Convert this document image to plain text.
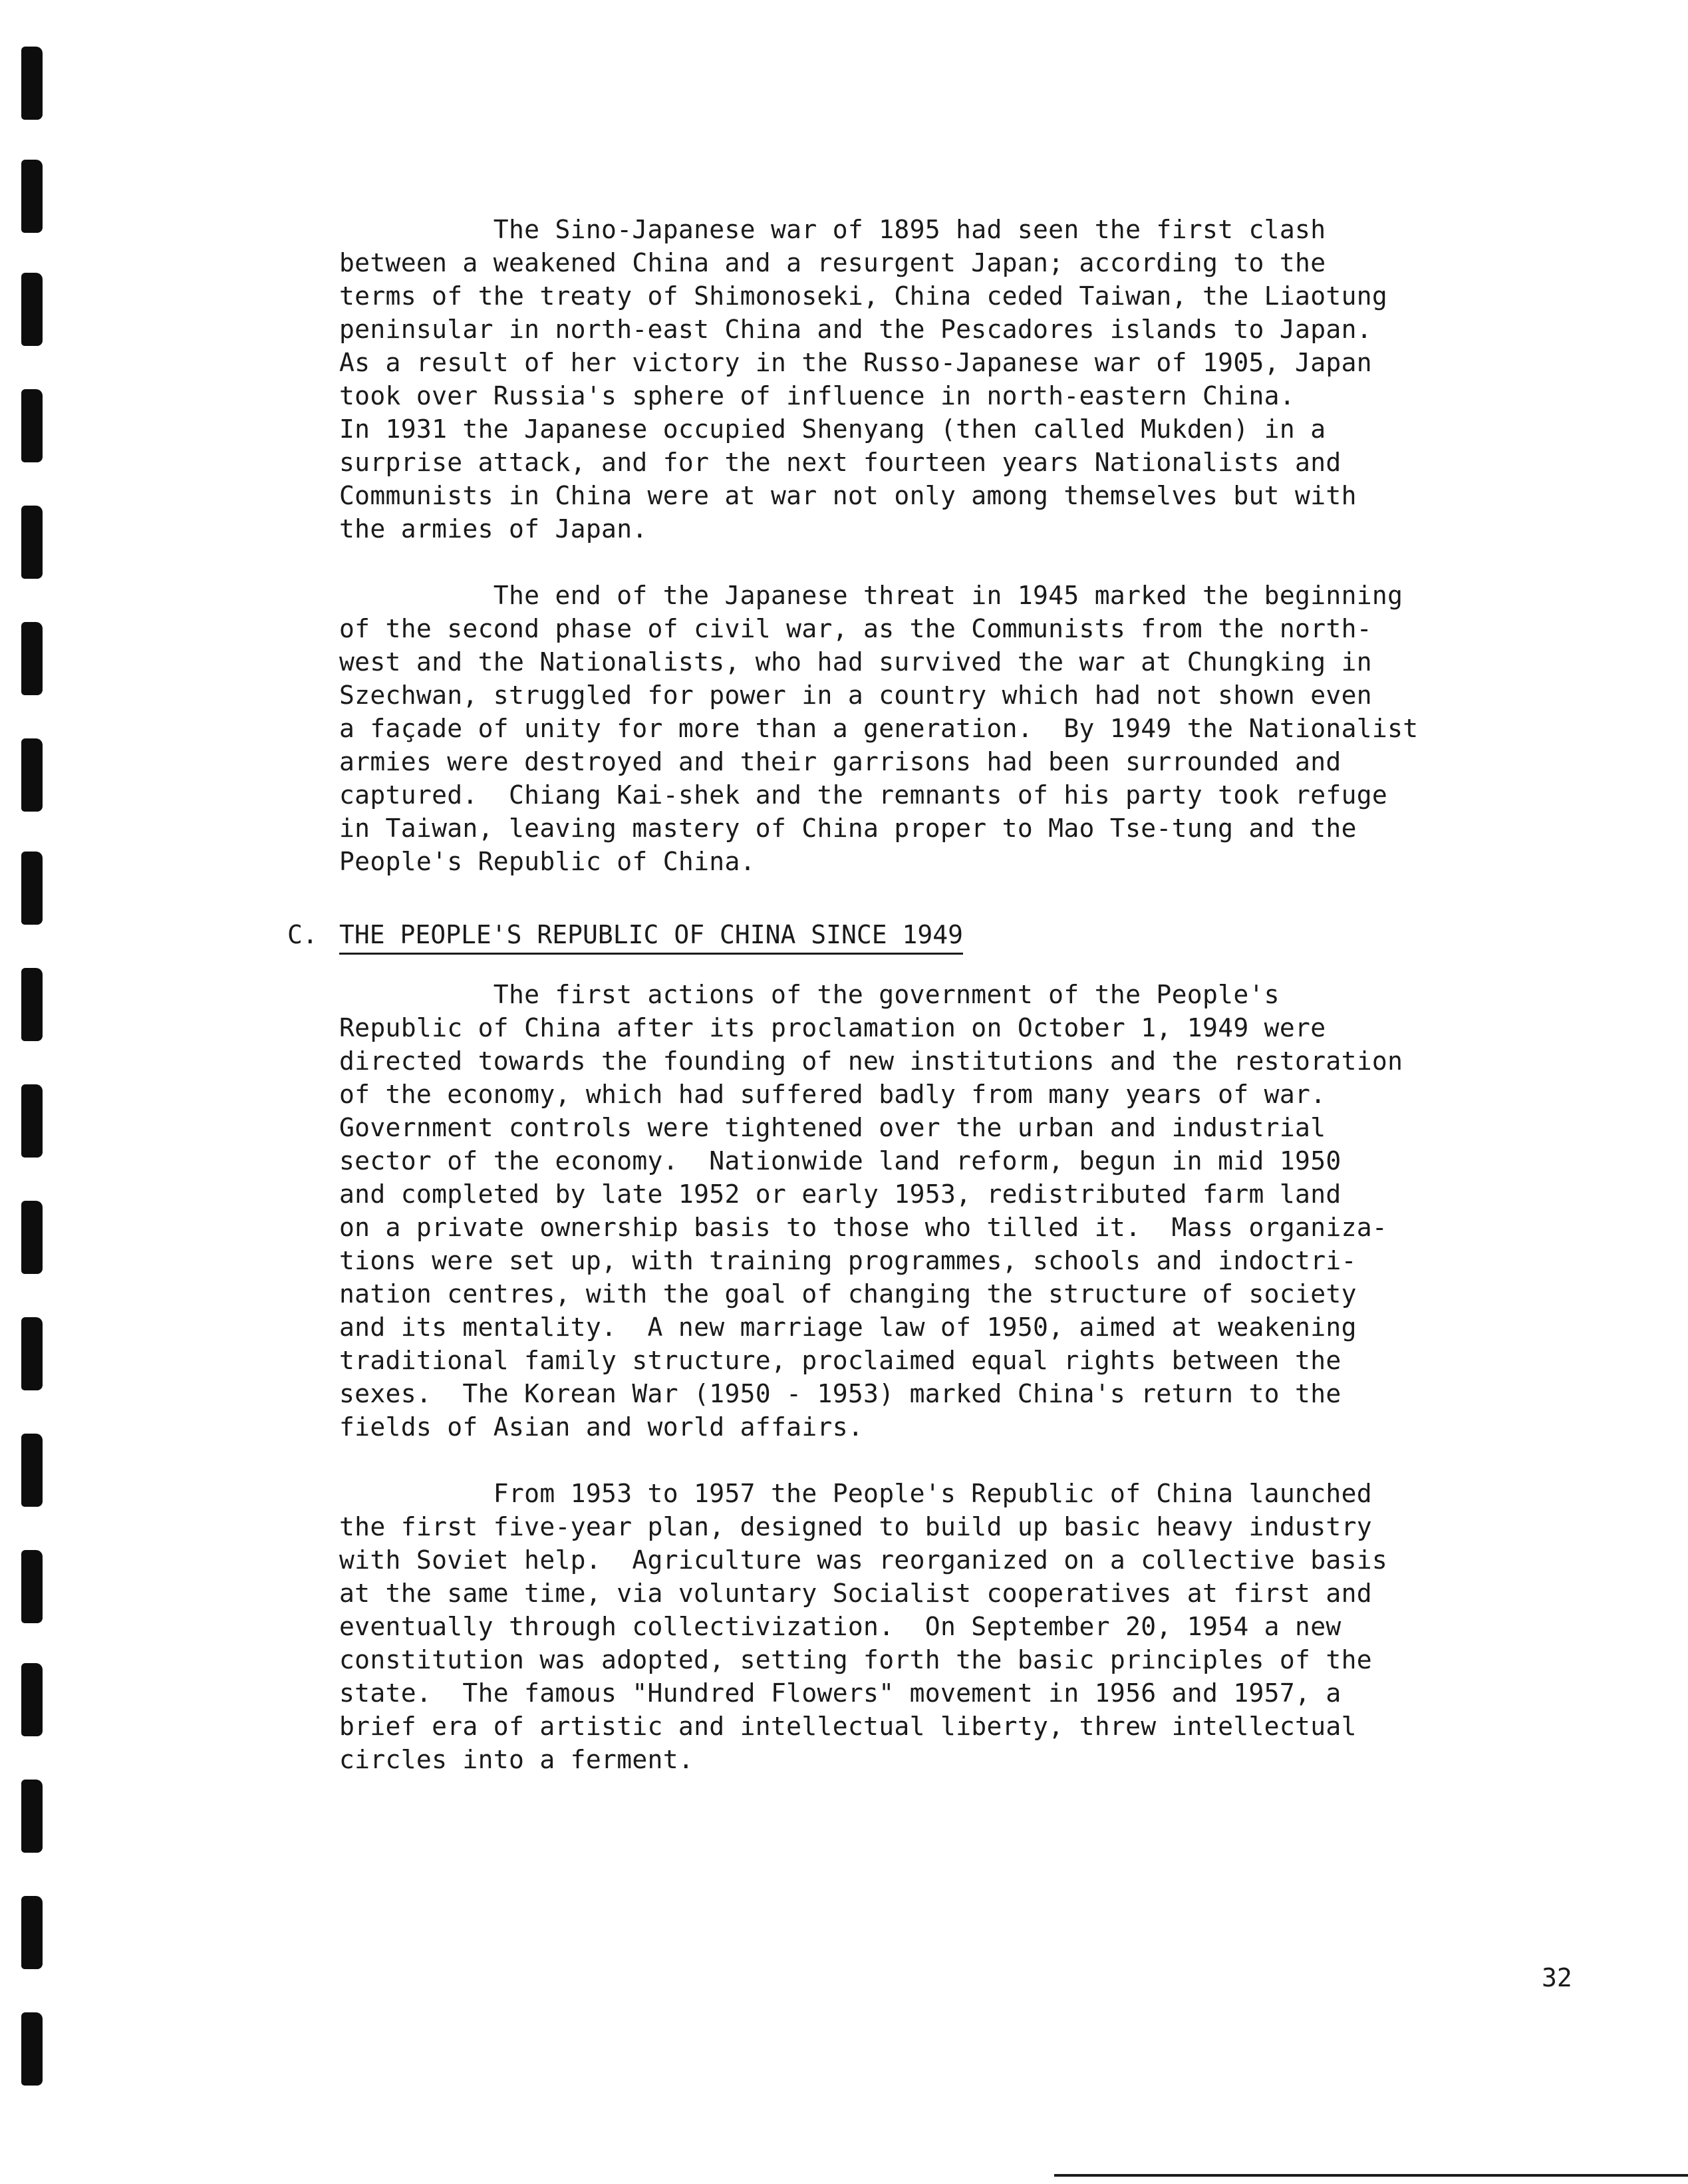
The Sino-Japanese war of 1895 had seen the first clash
between a weakened China and a resurgent Japan; according to the
terms of the treaty of Shimonoseki, China ceded Taiwan, the Liaotung
peninsular in north-east China and the Pescadores islands to Japan.
As a result of her victory in the Russo-Japanese war of 1905, Japan
took over Russia's sphere of influence in north-eastern China.
In 1931 the Japanese occupied Shenyang (then called Mukden) in a
surprise attack, and for the next fourteen years Nationalists and
Communists in China were at war not only among themselves but with
the armies of Japan.
The end of the Japanese threat in 1945 marked the beginning
of the second phase of civil war, as the Communists from the north-
west and the Nationalists, who had survived the war at Chungking in
Szechwan, struggled for power in a country which had not shown even
a façade of unity for more than a generation.  By 1949 the Nationalist
armies were destroyed and their garrisons had been surrounded and
captured.  Chiang Kai-shek and the remnants of his party took refuge
in Taiwan, leaving mastery of China proper to Mao Tse-tung and the
People's Republic of China.
C. THE PEOPLE'S REPUBLIC OF CHINA SINCE 1949
The first actions of the government of the People's
Republic of China after its proclamation on October 1, 1949 were
directed towards the founding of new institutions and the restoration
of the economy, which had suffered badly from many years of war.
Government controls were tightened over the urban and industrial
sector of the economy.  Nationwide land reform, begun in mid 1950
and completed by late 1952 or early 1953, redistributed farm land
on a private ownership basis to those who tilled it.  Mass organiza-
tions were set up, with training programmes, schools and indoctri-
nation centres, with the goal of changing the structure of society
and its mentality.  A new marriage law of 1950, aimed at weakening
traditional family structure, proclaimed equal rights between the
sexes.  The Korean War (1950 - 1953) marked China's return to the
fields of Asian and world affairs.
From 1953 to 1957 the People's Republic of China launched
the first five-year plan, designed to build up basic heavy industry
with Soviet help.  Agriculture was reorganized on a collective basis
at the same time, via voluntary Socialist cooperatives at first and
eventually through collectivization.  On September 20, 1954 a new
constitution was adopted, setting forth the basic principles of the
state.  The famous "Hundred Flowers" movement in 1956 and 1957, a
brief era of artistic and intellectual liberty, threw intellectual
circles into a ferment.
32
